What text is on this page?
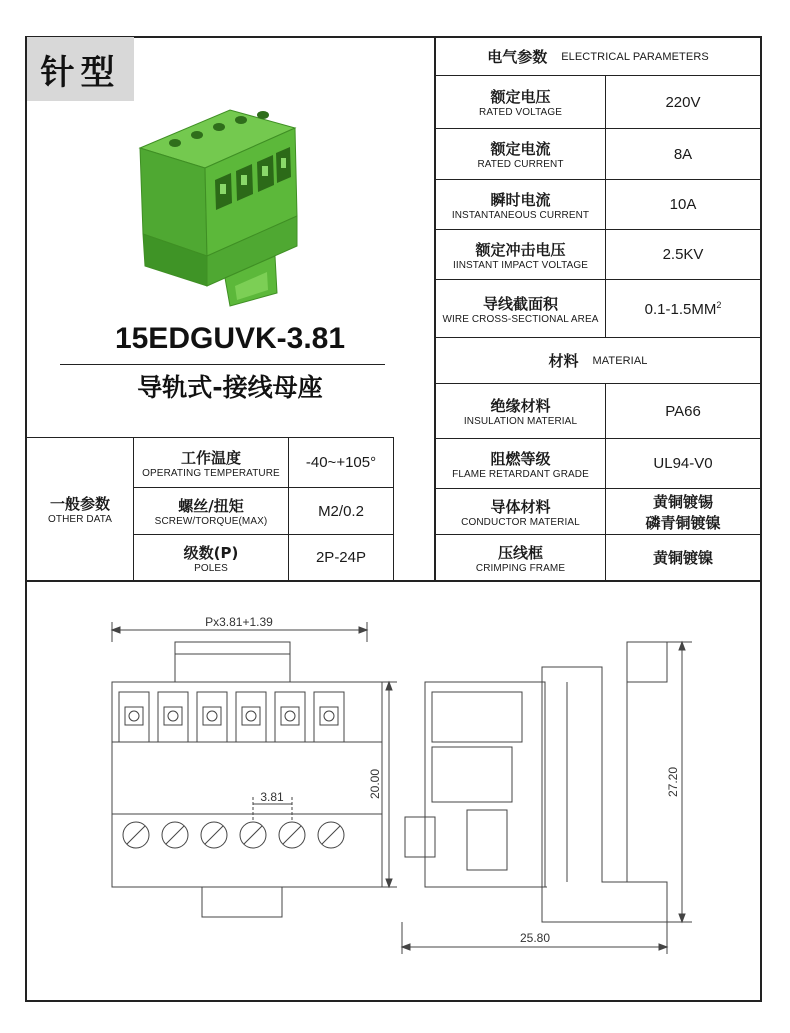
针型
15EDGUVK-3.81
导轨式-接线母座
电气参数 ELECTRICAL PARAMETERS
额定电压
RATED VOLTAGE
220V
额定电流
RATED CURRENT
8A
瞬时电流
INSTANTANEOUS CURRENT
10A
额定冲击电压
IINSTANT IMPACT VOLTAGE
2.5KV
导线截面积
WIRE CROSS-SECTIONAL AREA
$0.1-1.5MM^2$
材料 MATERIAL
绝缘材料
INSULATION MATERIAL
PA66
阻燃等级
FLAME RETARDANT GRADE
UL94-V0
导体材料
CONDUCTOR MATERIAL
黄铜镀锡
磷青铜镀镍
压线框
CRIMPING FRAME
黄铜镀镍
一般参数
OTHER DATA
工作温度
OPERATING TEMPERATURE
-40~+105°
螺丝/扭矩
SCREW/TORQUE(MAX)
M2/0.2
级数(P)
POLES
2P-24P
Px3.81+1.39
3.81	20.00	27.20
25.80
